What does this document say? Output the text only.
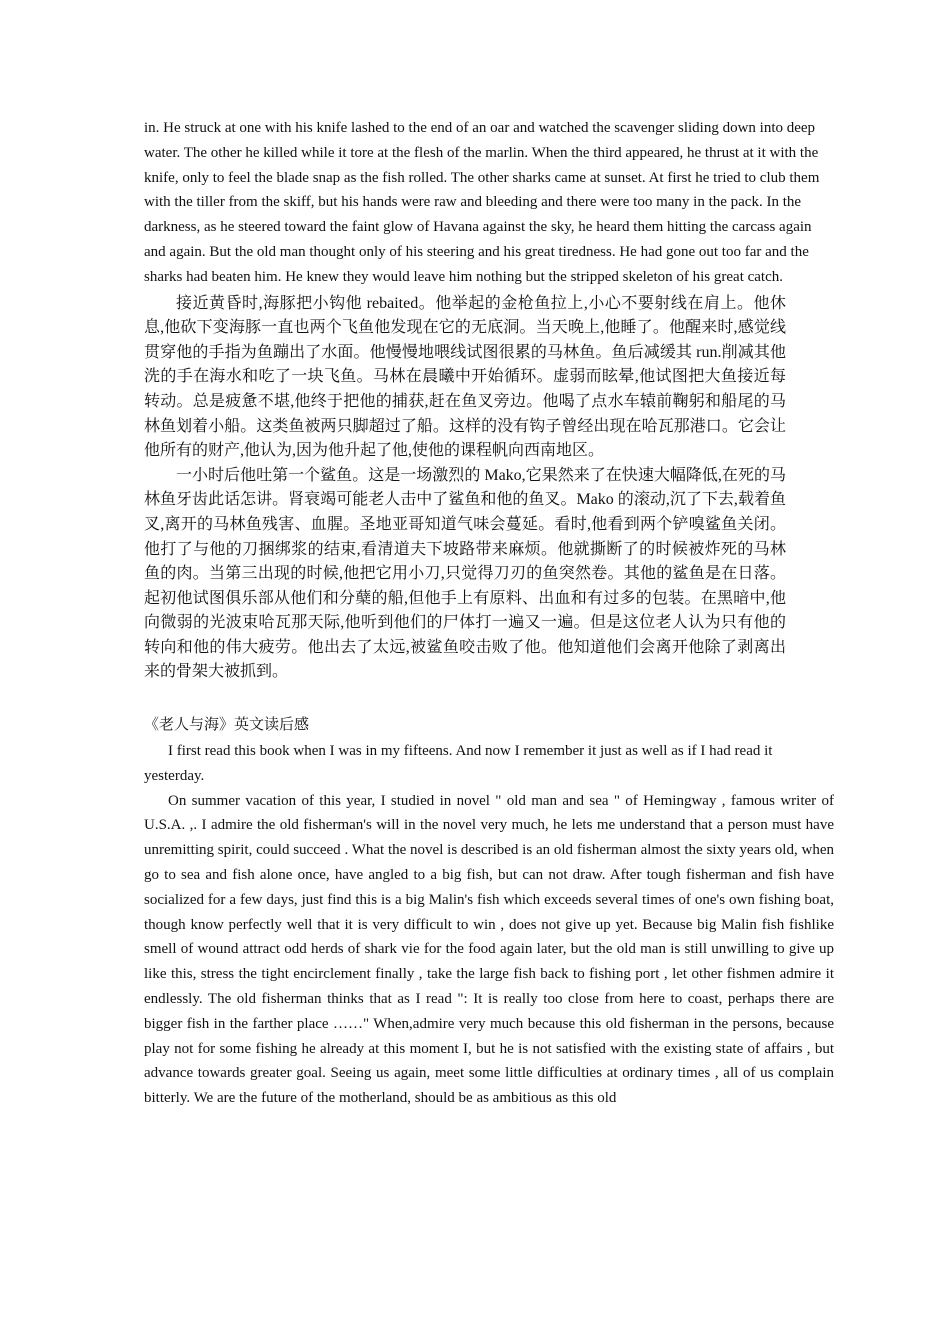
in. He struck at one with his knife lashed to the end of an oar and watched the scavenger sliding down into deep water. The other he killed while it tore at the flesh of the marlin. When the third appeared, he thrust at it with the knife, only to feel the blade snap as the fish rolled. The other sharks came at sunset. At first he tried to club them with the tiller from the skiff, but his hands were raw and bleeding and there were too many in the pack. In the darkness, as he steered toward the faint glow of Havana against the sky, he heard them hitting the carcass again and again. But the old man thought only of his steering and his great tiredness. He had gone out too far and the sharks had beaten him. He knew they would leave him nothing but the stripped skeleton of his great catch.

接近黄昏时,海豚把小钩他 rebaited。他举起的金枪鱼拉上,小心不要射线在肩上。他休息,他砍下变海豚一直也两个飞鱼他发现在它的无底洞。当天晚上,他睡了。他醒来时,感觉线贯穿他的手指为鱼蹦出了水面。他慢慢地喂线试图很累的马林鱼。鱼后减缓其 run.削减其他洗的手在海水和吃了一块飞鱼。马林在晨曦中开始循环。虚弱而眩晕,他试图把大鱼接近每转动。总是疲惫不堪,他终于把他的捕获,赶在鱼叉旁边。他喝了点水车辕前鞠躬和船尾的马林鱼划着小船。这类鱼被两只脚超过了船。这样的没有钩子曾经出现在哈瓦那港口。它会让他所有的财产,他认为,因为他升起了他,使他的课程帆向西南地区。

一小时后他吐第一个鲨鱼。这是一场激烈的 Mako,它果然来了在快速大幅降低,在死的马林鱼牙齿此话怎讲。肾衰竭可能老人击中了鲨鱼和他的鱼叉。Mako 的滚动,沉了下去,载着鱼叉,离开的马林鱼残害、血腥。圣地亚哥知道气味会蔓延。看时,他看到两个铲嗅鲨鱼关闭。他打了与他的刀捆绑浆的结束,看清道夫下坡路带来麻烦。他就撕断了的时候被炸死的马林鱼的肉。当第三出现的时候,他把它用小刀,只觉得刀刃的鱼突然卷。其他的鲨鱼是在日落。起初他试图俱乐部从他们和分蘖的船,但他手上有原料、出血和有过多的包装。在黑暗中,他向微弱的光波束哈瓦那天际,他听到他们的尸体打一遍又一遍。但是这位老人认为只有他的转向和他的伟大疲劳。他出去了太远,被鲨鱼咬击败了他。他知道他们会离开他除了剥离出来的骨架大被抓到。

《老人与海》英文读后感

I first read this book when I was in my fifteens. And now I remember it just as well as if I had read it yesterday.

On summer vacation of this year, I studied in novel " old man and sea " of Hemingway , famous writer of U.S.A. ,. I admire the old fisherman's will in the novel very much, he lets me understand that a person must have unremitting spirit, could succeed . What the novel is described is an old fisherman almost the sixty years old, when go to sea and fish alone once, have angled to a big fish, but can not draw. After tough fisherman and fish have socialized for a few days, just find this is a big Malin's fish which exceeds several times of one's own fishing boat, though know perfectly well that it is very difficult to win , does not give up yet. Because big Malin fish fishlike smell of wound attract odd herds of shark vie for the food again later, but the old man is still unwilling to give up like this, stress the tight encirclement finally , take the large fish back to fishing port , let other fishmen admire it endlessly. The old fisherman thinks that as I read ": It is really too close from here to coast, perhaps there are bigger fish in the farther place ……" When,admire very much because this old fisherman in the persons, because play not for some fishing he already at this moment I, but he is not satisfied with the existing state of affairs , but advance towards greater goal. Seeing us again, meet some little difficulties at ordinary times , all of us complain bitterly. We are the future of the motherland, should be as ambitious as this old
